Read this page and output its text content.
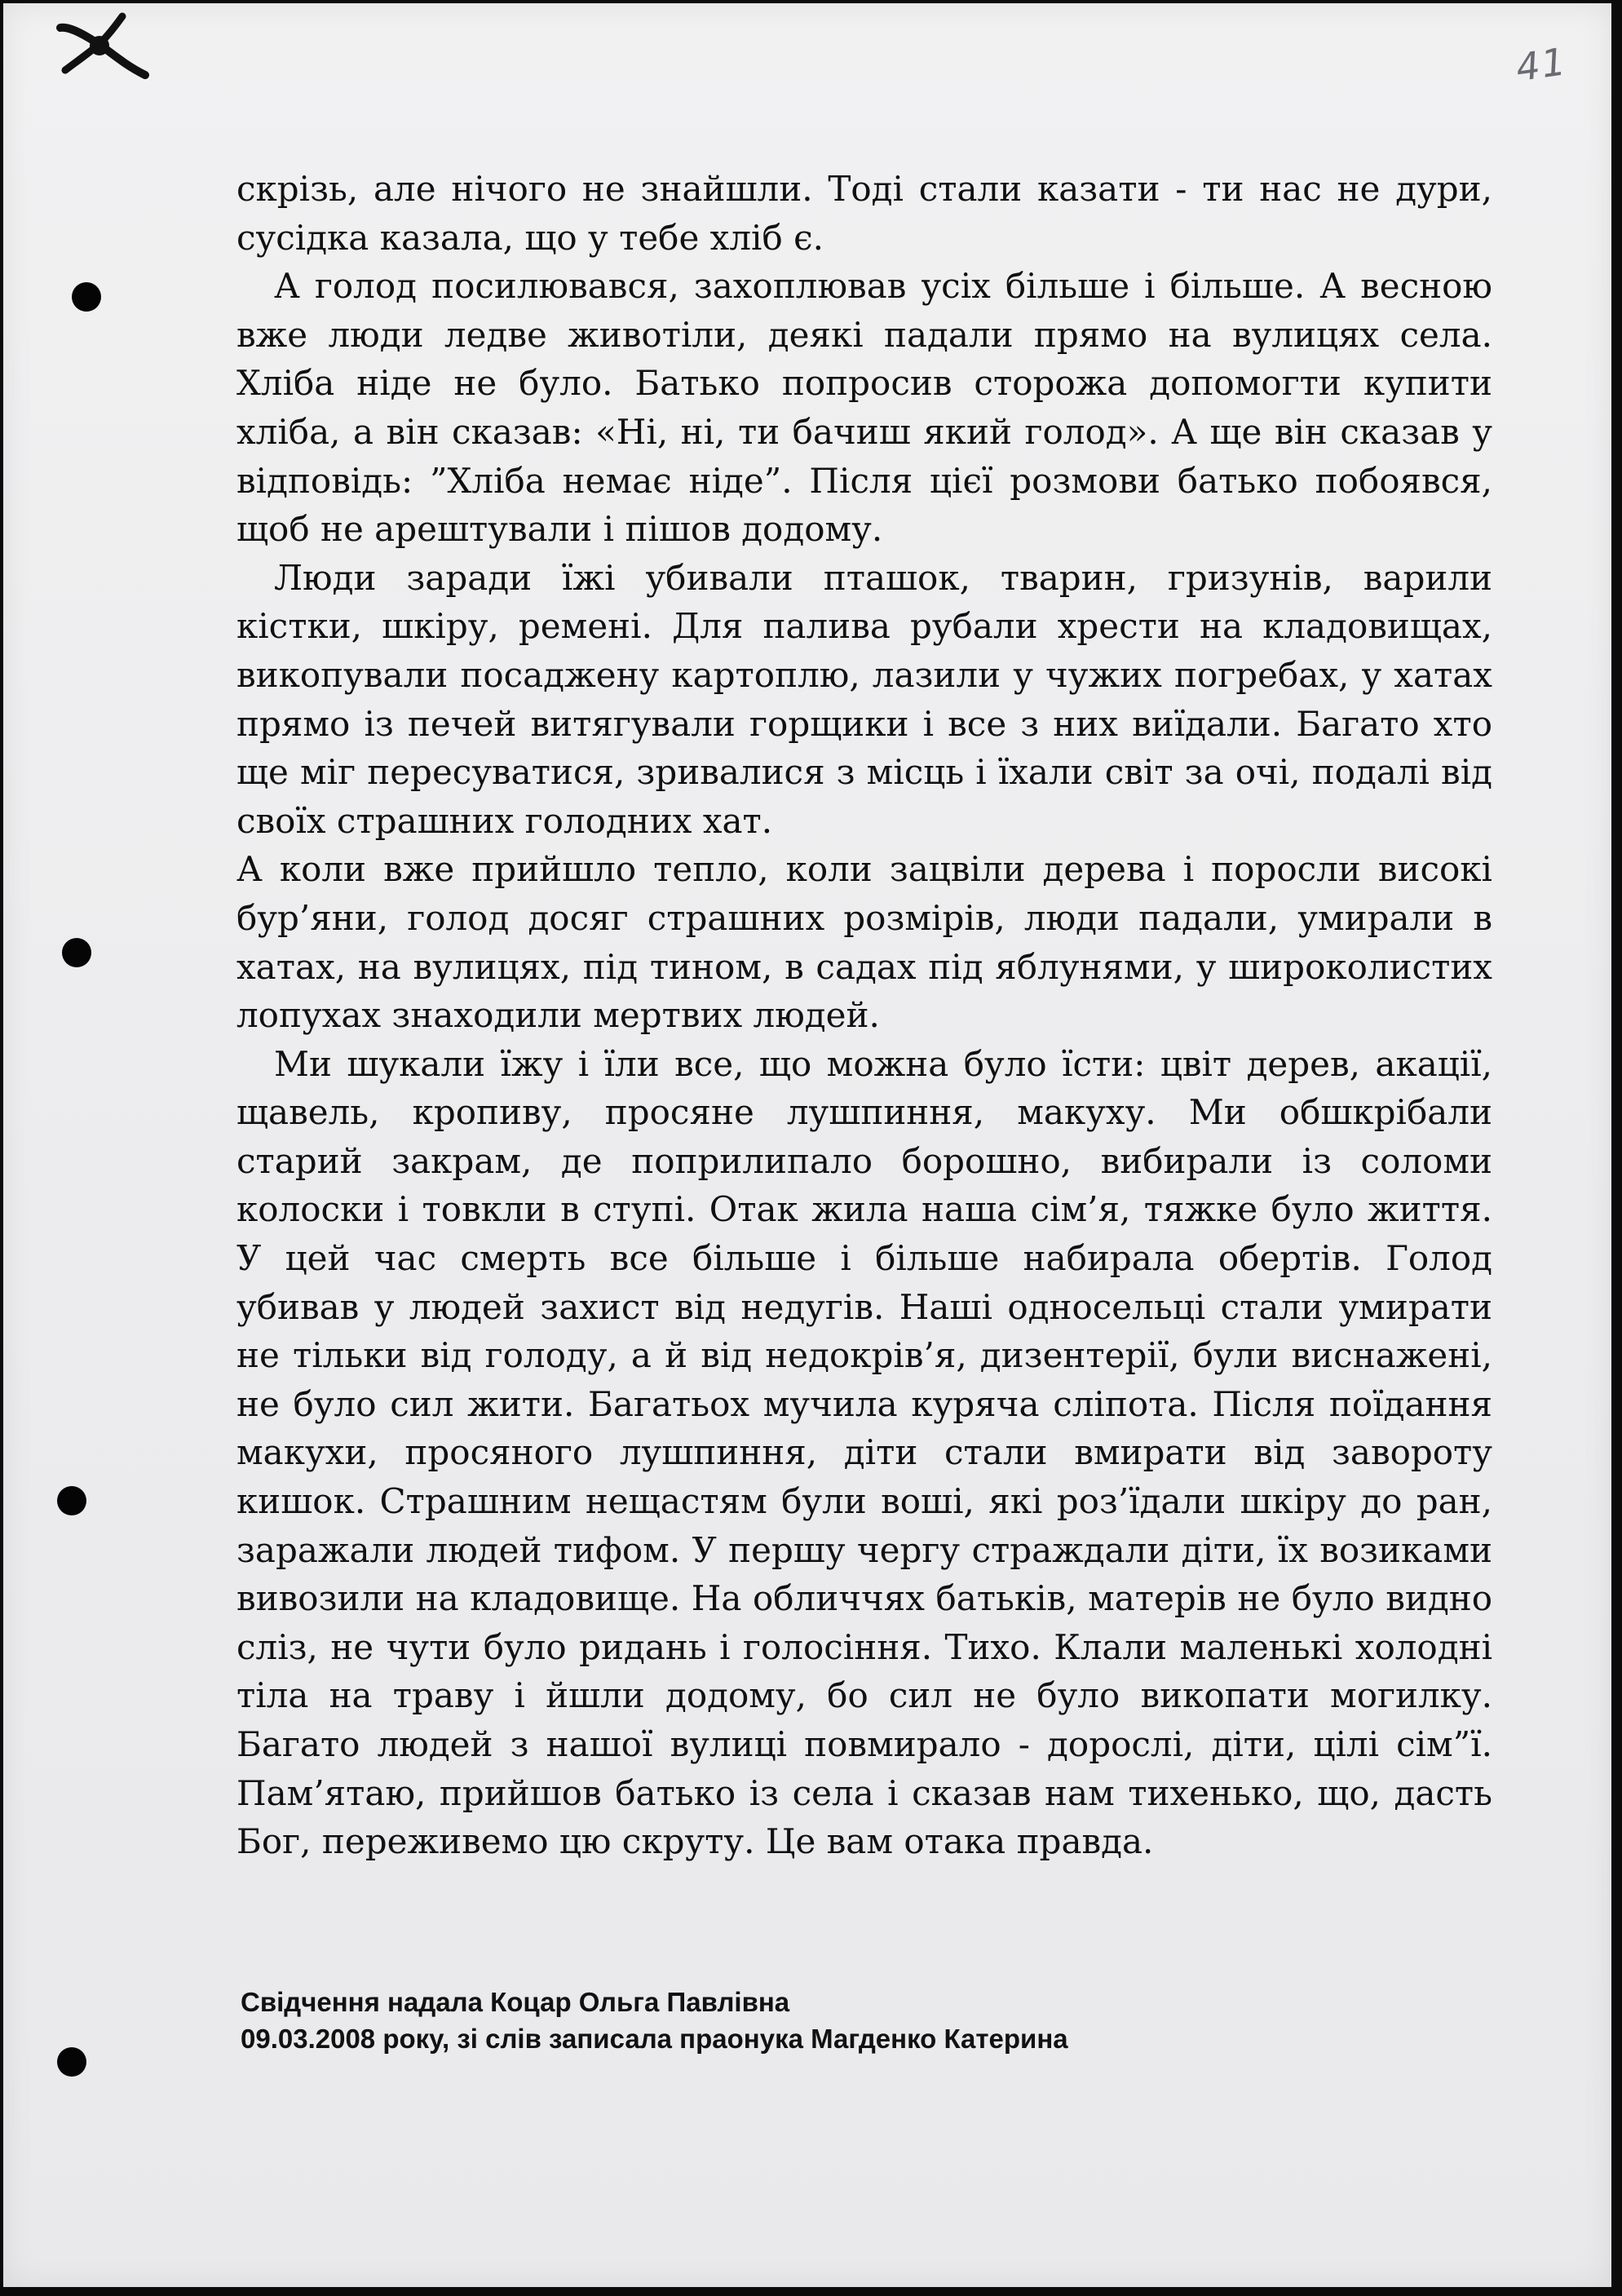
41

скрізь, але нічого не знайшли. Тоді стали казати - ти нас не дури, сусідка казала, що у тебе хліб є.

А голод посилювався, захоплював усіх більше і більше. А весною вже люди ледве животіли, деякі падали прямо на вулицях села. Хліба ніде не було. Батько попросив сторожа допомогти купити хліба, а він сказав: «Ні, ні, ти бачиш який голод». А ще він сказав у відповідь: ”Хліба немає ніде”. Після цієї розмови батько побоявся, щоб не арештували і пішов додому.

Люди заради їжі убивали пташок, тварин, гризунів, варили кістки, шкіру, ремені. Для палива рубали хрести на кладовищах, викопували посаджену картоплю, лазили у чужих погребах, у хатах прямо із печей витягували горщики і все з них виїдали. Багато хто ще міг пересуватися, зривалися з місць і їхали світ за очі, подалі від своїх страшних голодних хат.

А коли вже прийшло тепло, коли зацвіли дерева і поросли високі бур’яни, голод досяг страшних розмірів, люди падали, умирали в хатах, на вулицях, під тином, в садах під яблунями, у широколистих лопухах знаходили мертвих людей.

Ми шукали їжу і їли все, що можна було їсти: цвіт дерев, акації, щавель, кропиву, просяне лушпиння, макуху. Ми обшкрібали старий закрам, де поприлипало борошно, вибирали із соломи колоски і товкли в ступі. Отак жила наша сім’я, тяжке було життя. У цей час смерть все більше і більше набирала обертів. Голод убивав у людей захист від недугів. Наші односельці стали умирати не тільки від голоду, а й від недокрів’я, дизентерії, були виснажені, не було сил жити. Багатьох мучила куряча сліпота. Після поїдання макухи, просяного лушпиння, діти стали вмирати від завороту кишок. Страшним нещастям були воші, які роз’їдали шкіру до ран, заражали людей тифом. У першу чергу страждали діти, їх возиками вивозили на кладовище. На обличчях батьків, матерів не було видно сліз, не чути було ридань і голосіння. Тихо. Клали маленькі холодні тіла на траву і йшли додому, бо сил не було викопати могилку. Багато людей з нашої вулиці повмирало - дорослі, діти, цілі сім”ї. Пам’ятаю, прийшов батько із села і сказав нам тихенько, що, дасть Бог, переживемо цю скруту. Це вам отака правда.

Свідчення надала Коцар Ольга Павлівна
09.03.2008 року, зі слів записала праонука Магденко Катерина
